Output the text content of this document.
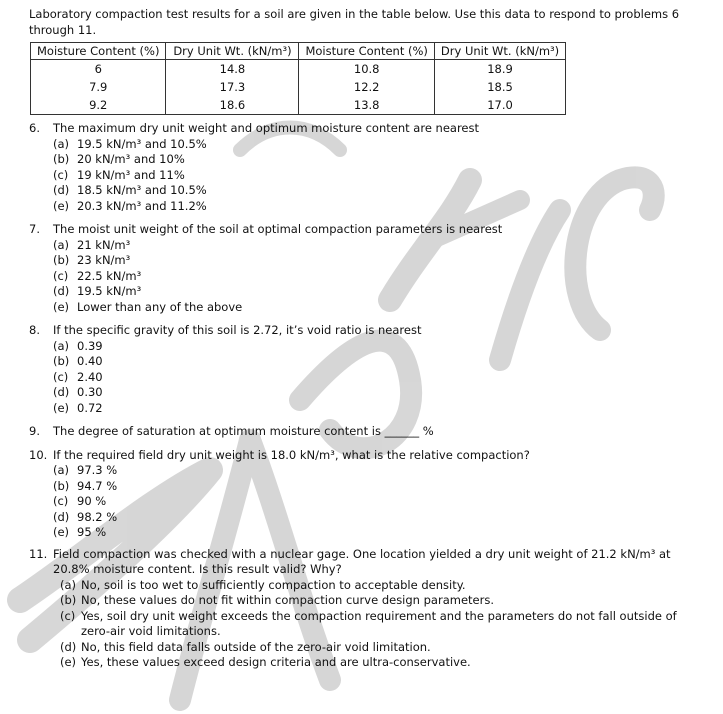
Laboratory compaction test results for a soil are given in the table below. Use this data to respond to problems 6 through 11.

Moisture Content (%)	Dry Unit Wt. (kN/m³)	Moisture Content (%)	Dry Unit Wt. (kN/m³)
6	14.8	10.8	18.9
7.9	17.3	12.2	18.5
9.2	18.6	13.8	17.0
6.	The maximum dry unit weight and optimum moisture content are nearest
(a) 19.5 kN/m³ and 10.5%
(b) 20 kN/m³ and 10%
(c) 19 kN/m³ and 11%
(d) 18.5 kN/m³ and 10.5%
(e) 20.3 kN/m³ and 11.2%
7.	The moist unit weight of the soil at optimal compaction parameters is nearest
(a) 21 kN/m³
(b) 23 kN/m³
(c) 22.5 kN/m³
(d) 19.5 kN/m³
(e) Lower than any of the above
8.	If the specific gravity of this soil is 2.72, it’s void ratio is nearest
(a) 0.39
(b) 0.40
(c) 2.40
(d) 0.30
(e) 0.72
9.	The degree of saturation at optimum moisture content is ______ %
10. If the required field dry unit weight is 18.0 kN/m³, what is the relative compaction?
(a) 97.3 %
(b) 94.7 %
(c) 90 %
(d) 98.2 %
(e) 95 %
11. Field compaction was checked with a nuclear gage. One location yielded a dry unit weight of 21.2 kN/m³ at 20.8% moisture content. Is this result valid? Why?
(a) No, soil is too wet to sufficiently compaction to acceptable density.
(b) No, these values do not fit within compaction curve design parameters.
(c) Yes, soil dry unit weight exceeds the compaction requirement and the parameters do not fall outside of zero-air void limitations.
(d) No, this field data falls outside of the zero-air void limitation.
(e) Yes, these values exceed design criteria and are ultra-conservative.
